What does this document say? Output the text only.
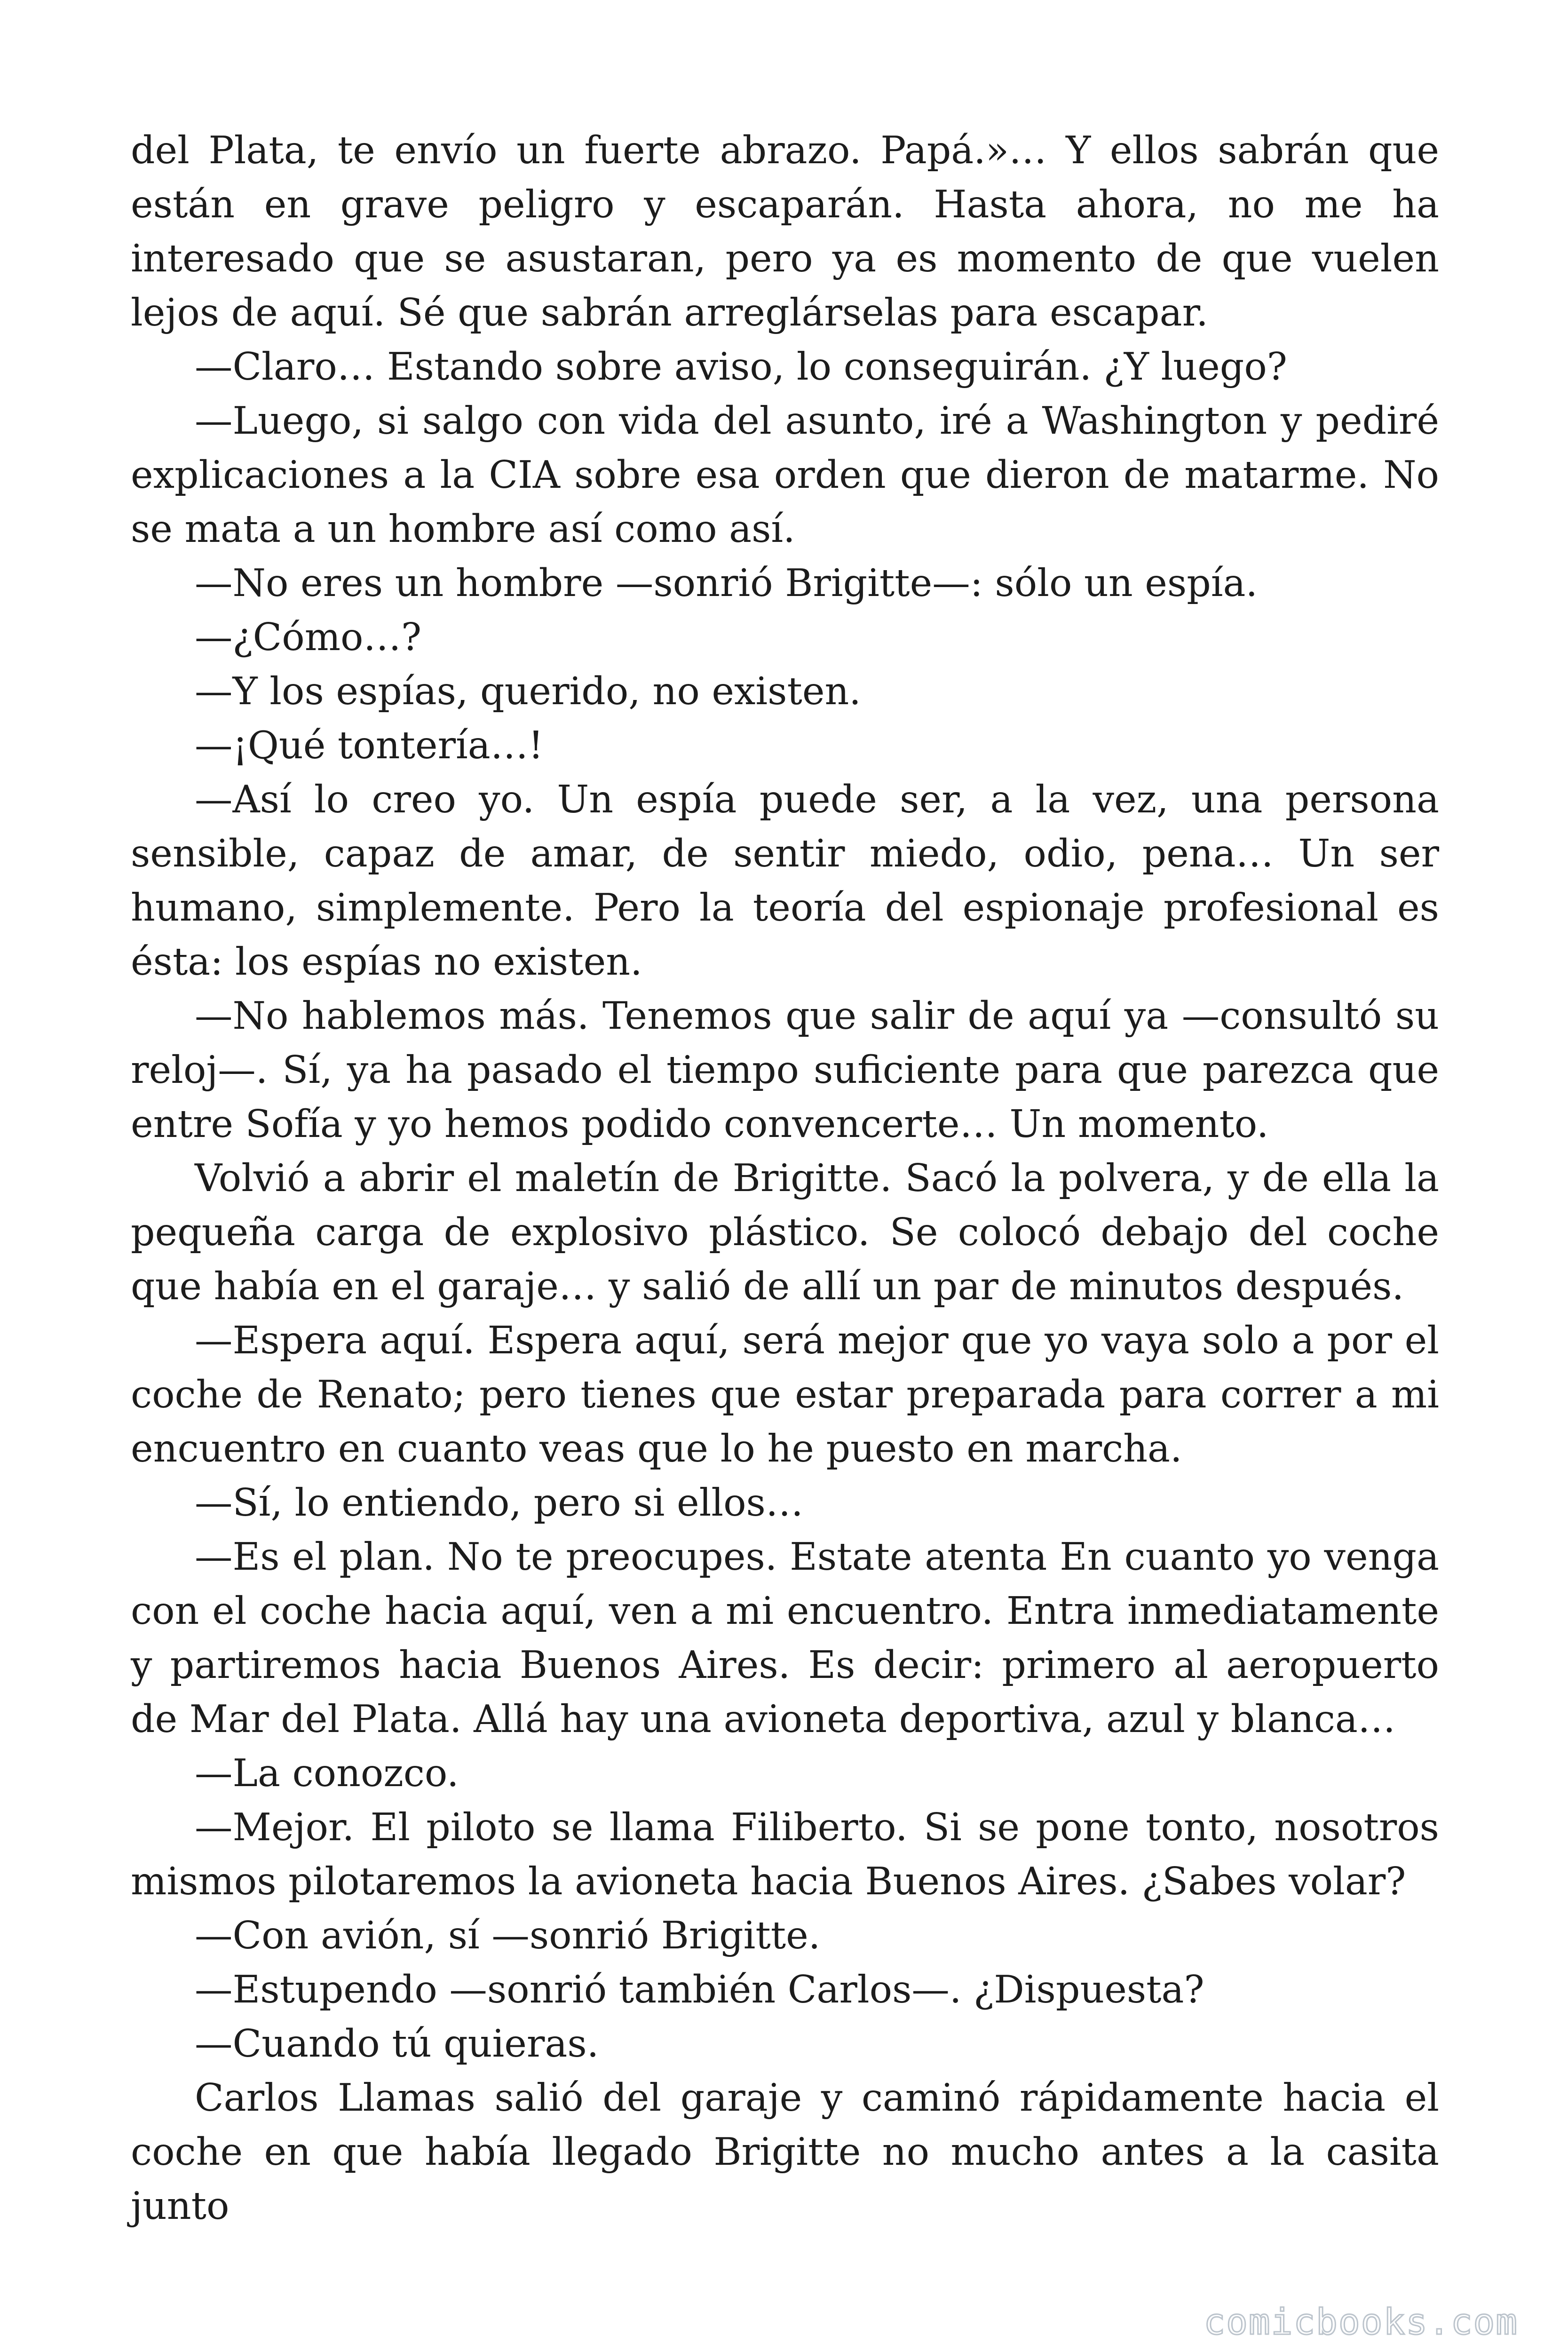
del Plata, te envío un fuerte abrazo. Papá.»… Y ellos sabrán que están en grave peligro y escaparán. Hasta ahora, no me ha interesado que se asustaran, pero ya es momento de que vuelen lejos de aquí. Sé que sabrán arreglárselas para escapar.

—Claro… Estando sobre aviso, lo conseguirán. ¿Y luego?

—Luego, si salgo con vida del asunto, iré a Washington y pediré explicaciones a la CIA sobre esa orden que dieron de matarme. No se mata a un hombre así como así.

—No eres un hombre —sonrió Brigitte—: sólo un espía.

—¿Cómo…?

—Y los espías, querido, no existen.

—¡Qué tontería…!

—Así lo creo yo. Un espía puede ser, a la vez, una persona sensible, capaz de amar, de sentir miedo, odio, pena… Un ser humano, simplemente. Pero la teoría del espionaje profesional es ésta: los espías no existen.

—No hablemos más. Tenemos que salir de aquí ya —consultó su reloj—. Sí, ya ha pasado el tiempo suficiente para que parezca que entre Sofía y yo hemos podido convencerte… Un momento.

Volvió a abrir el maletín de Brigitte. Sacó la polvera, y de ella la pequeña carga de explosivo plástico. Se colocó debajo del coche que había en el garaje… y salió de allí un par de minutos después.

—Espera aquí. Espera aquí, será mejor que yo vaya solo a por el coche de Renato; pero tienes que estar preparada para correr a mi encuentro en cuanto veas que lo he puesto en marcha.

—Sí, lo entiendo, pero si ellos…

—Es el plan. No te preocupes. Estate atenta En cuanto yo venga con el coche hacia aquí, ven a mi encuentro. Entra inmediatamente y partiremos hacia Buenos Aires. Es decir: primero al aeropuerto de Mar del Plata. Allá hay una avioneta deportiva, azul y blanca…

—La conozco.

—Mejor. El piloto se llama Filiberto. Si se pone tonto, nosotros mismos pilotaremos la avioneta hacia Buenos Aires. ¿Sabes volar?

—Con avión, sí —sonrió Brigitte.

—Estupendo —sonrió también Carlos—. ¿Dispuesta?

—Cuando tú quieras.

Carlos Llamas salió del garaje y caminó rápidamente hacia el coche en que había llegado Brigitte no mucho antes a la casita junto

comicbooks.com
